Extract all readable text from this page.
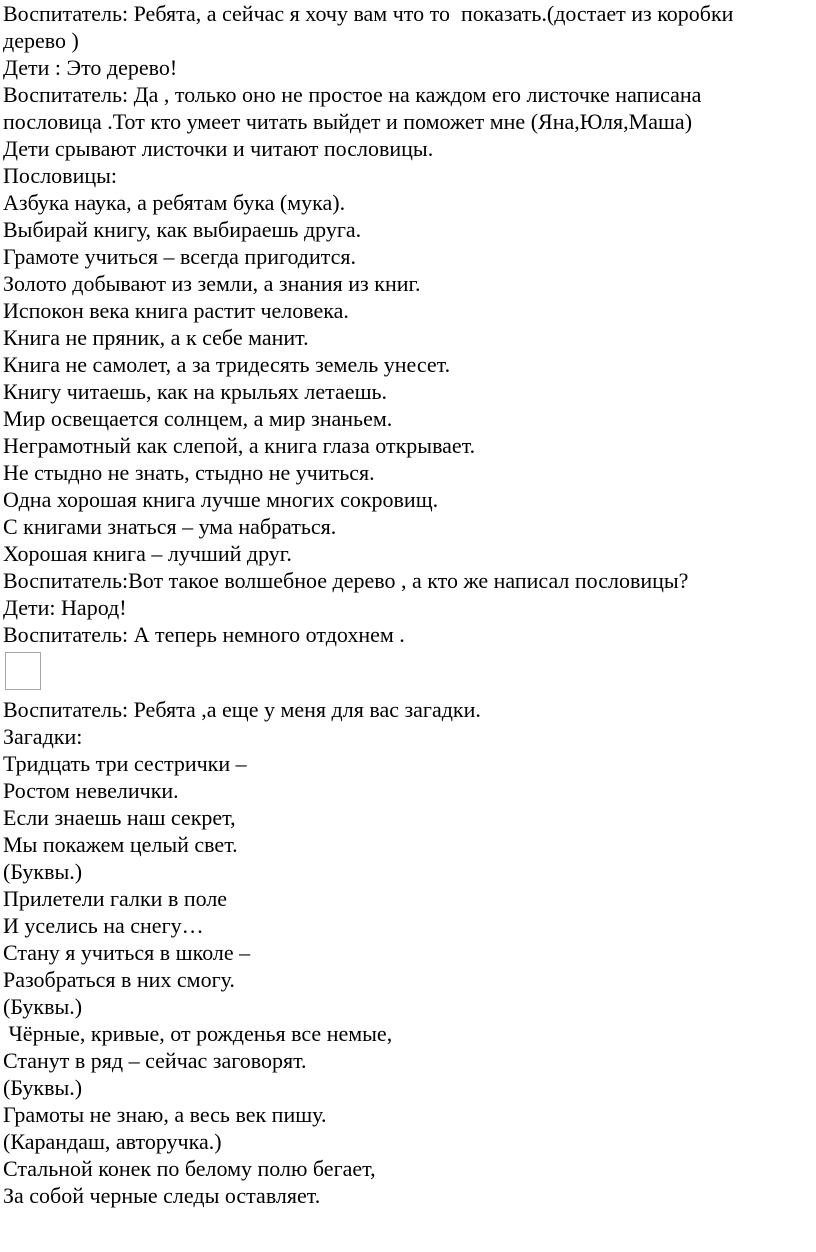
Воспитатель: Ребята, а сейчас я хочу вам что то  показать.(достает из коробки
дерево )
Дети : Это дерево!
Воспитатель: Да , только оно не простое на каждом его листочке написана
пословица .Тот кто умеет читать выйдет и поможет мне (Яна,Юля,Маша)
Дети срывают листочки и читают пословицы.
Пословицы:
Азбука наука, а ребятам бука (мука).
Выбирай книгу, как выбираешь друга.
Грамоте учиться – всегда пригодится.
Золото добывают из земли, а знания из книг.
Испокон века книга растит человека.
Книга не пряник, а к себе манит.
Книга не самолет, а за тридесять земель унесет.
Книгу читаешь, как на крыльях летаешь.
Мир освещается солнцем, а мир знаньем.
Неграмотный как слепой, а книга глаза открывает.
Не стыдно не знать, стыдно не учиться.
Одна хорошая книга лучше многих сокровищ.
С книгами знаться – ума набраться.
Хорошая книга – лучший друг.
Воспитатель:Вот такое волшебное дерево , а кто же написал пословицы?
Дети: Народ!
Воспитатель: А теперь немного отдохнем .
Воспитатель: Ребята ,а еще у меня для вас загадки.
Загадки:
Тридцать три сестрички –
Ростом невелички.
Если знаешь наш секрет,
Мы покажем целый свет.
(Буквы.)
Прилетели галки в поле
И уселись на снегу…
Стану я учиться в школе –
Разобраться в них смогу.
(Буквы.)
Чёрные, кривые, от рожденья все немые,
Станут в ряд – сейчас заговорят.
(Буквы.)
Грамоты не знаю, а весь век пишу.
(Карандаш, авторучка.)
Стальной конек по белому полю бегает,
За собой черные следы оставляет.
